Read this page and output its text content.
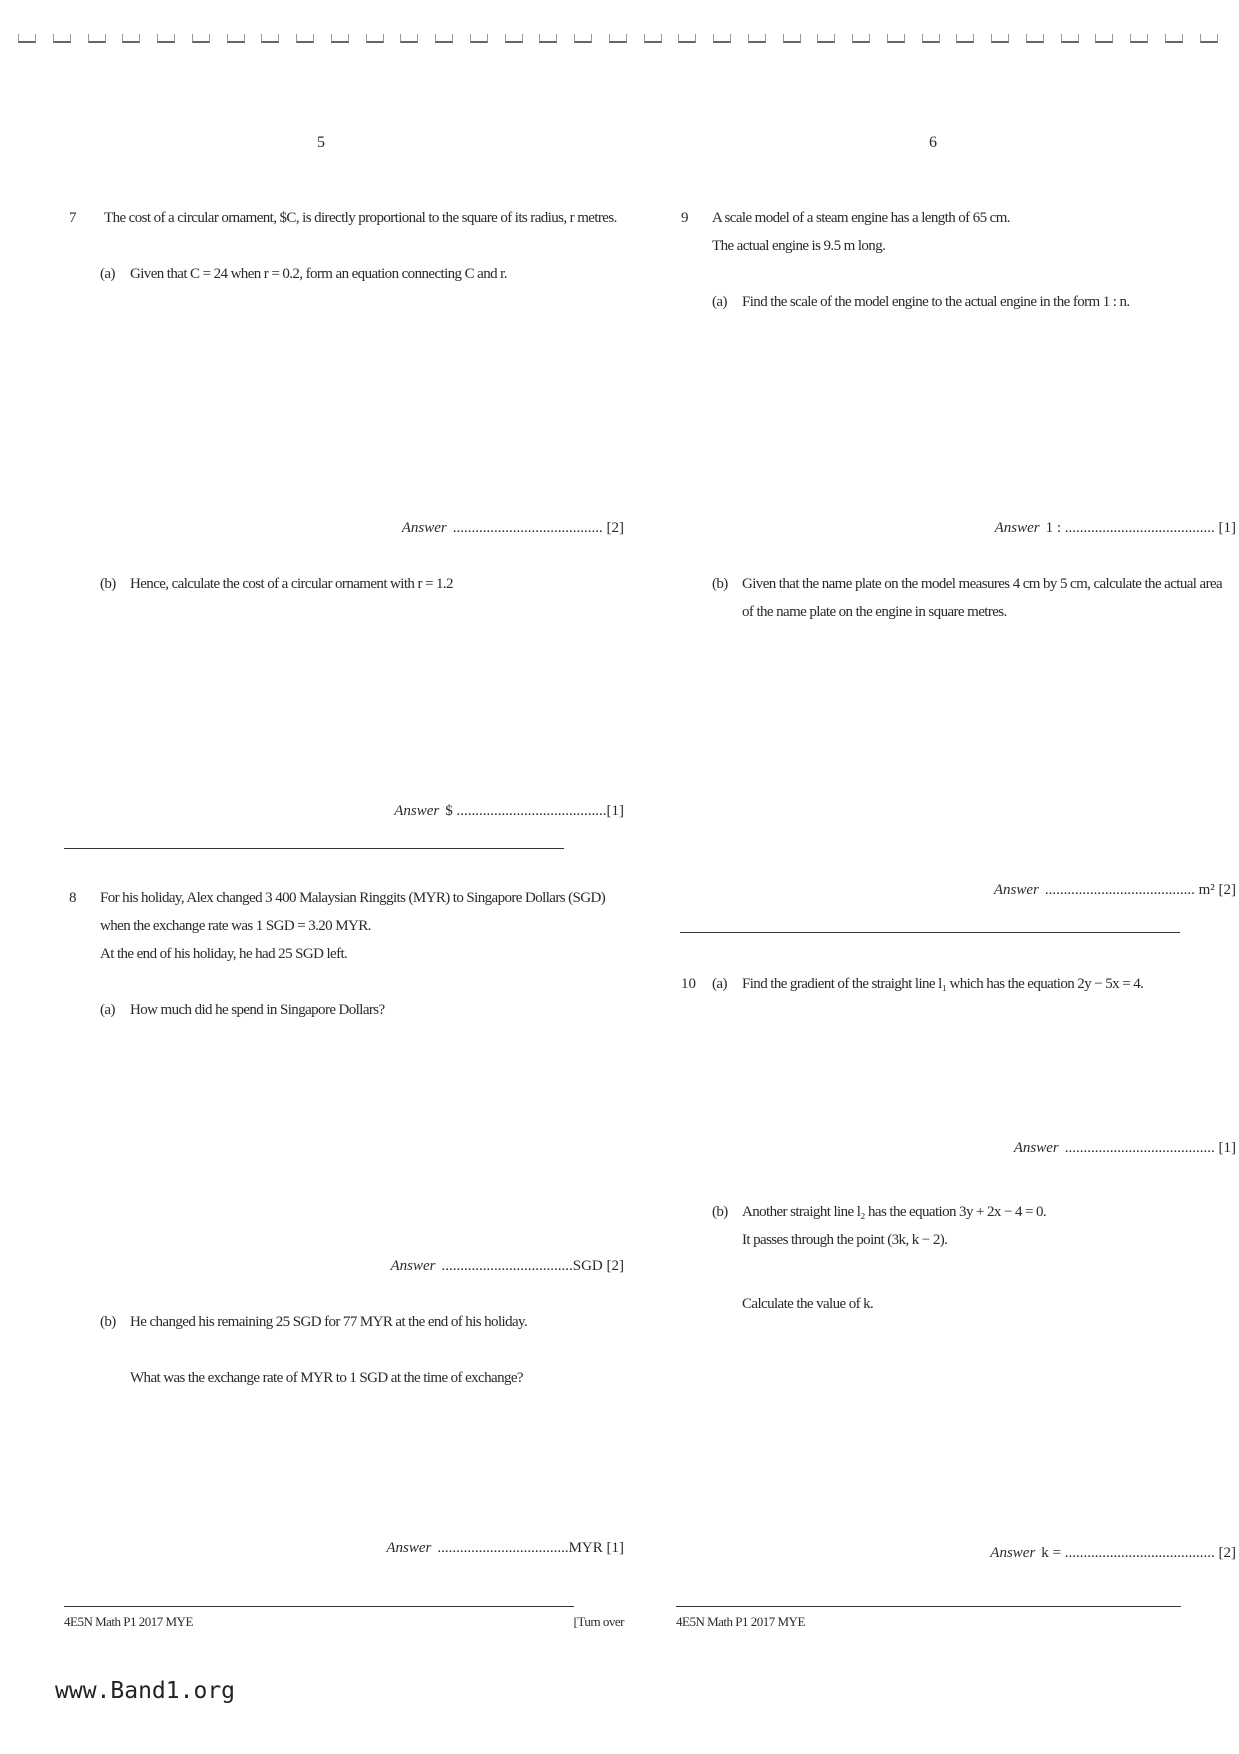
5
7 The cost of a circular ornament, $C, is directly proportional to the square of its radius, r metres.
(a) Given that C = 24 when r = 0.2, form an equation connecting C and r.
Answer ........................................ [2]
(b) Hence, calculate the cost of a circular ornament with r = 1.2
Answer $ ........................................[1]
8 For his holiday, Alex changed 3 400 Malaysian Ringgits (MYR) to Singapore Dollars (SGD)
when the exchange rate was 1 SGD = 3.20 MYR.
At the end of his holiday, he had 25 SGD left.
(a) How much did he spend in Singapore Dollars?
Answer ...................................SGD [2]
(b) He changed his remaining 25 SGD for 77 MYR at the end of his holiday.
What was the exchange rate of MYR to 1 SGD at the time of exchange?
Answer ...................................MYR [1]
4E5N Math P1 2017 MYE	[Turn over
6
9 A scale model of a steam engine has a length of 65 cm.
The actual engine is 9.5 m long.
(a) Find the scale of the model engine to the actual engine in the form 1 : n.
Answer 1 : ........................................ [1]
(b) Given that the name plate on the model measures 4 cm by 5 cm, calculate the actual area
of the name plate on the engine in square metres.
Answer ........................................ m² [2]
10 (a) Find the gradient of the straight line l₁ which has the equation 2y − 5x = 4.
Answer ........................................ [1]
(b) Another straight line l₂ has the equation 3y + 2x − 4 = 0.
It passes through the point (3k, k − 2).
Calculate the value of k.
Answer k = ........................................ [2]
4E5N Math P1 2017 MYE
www.Band1.org
